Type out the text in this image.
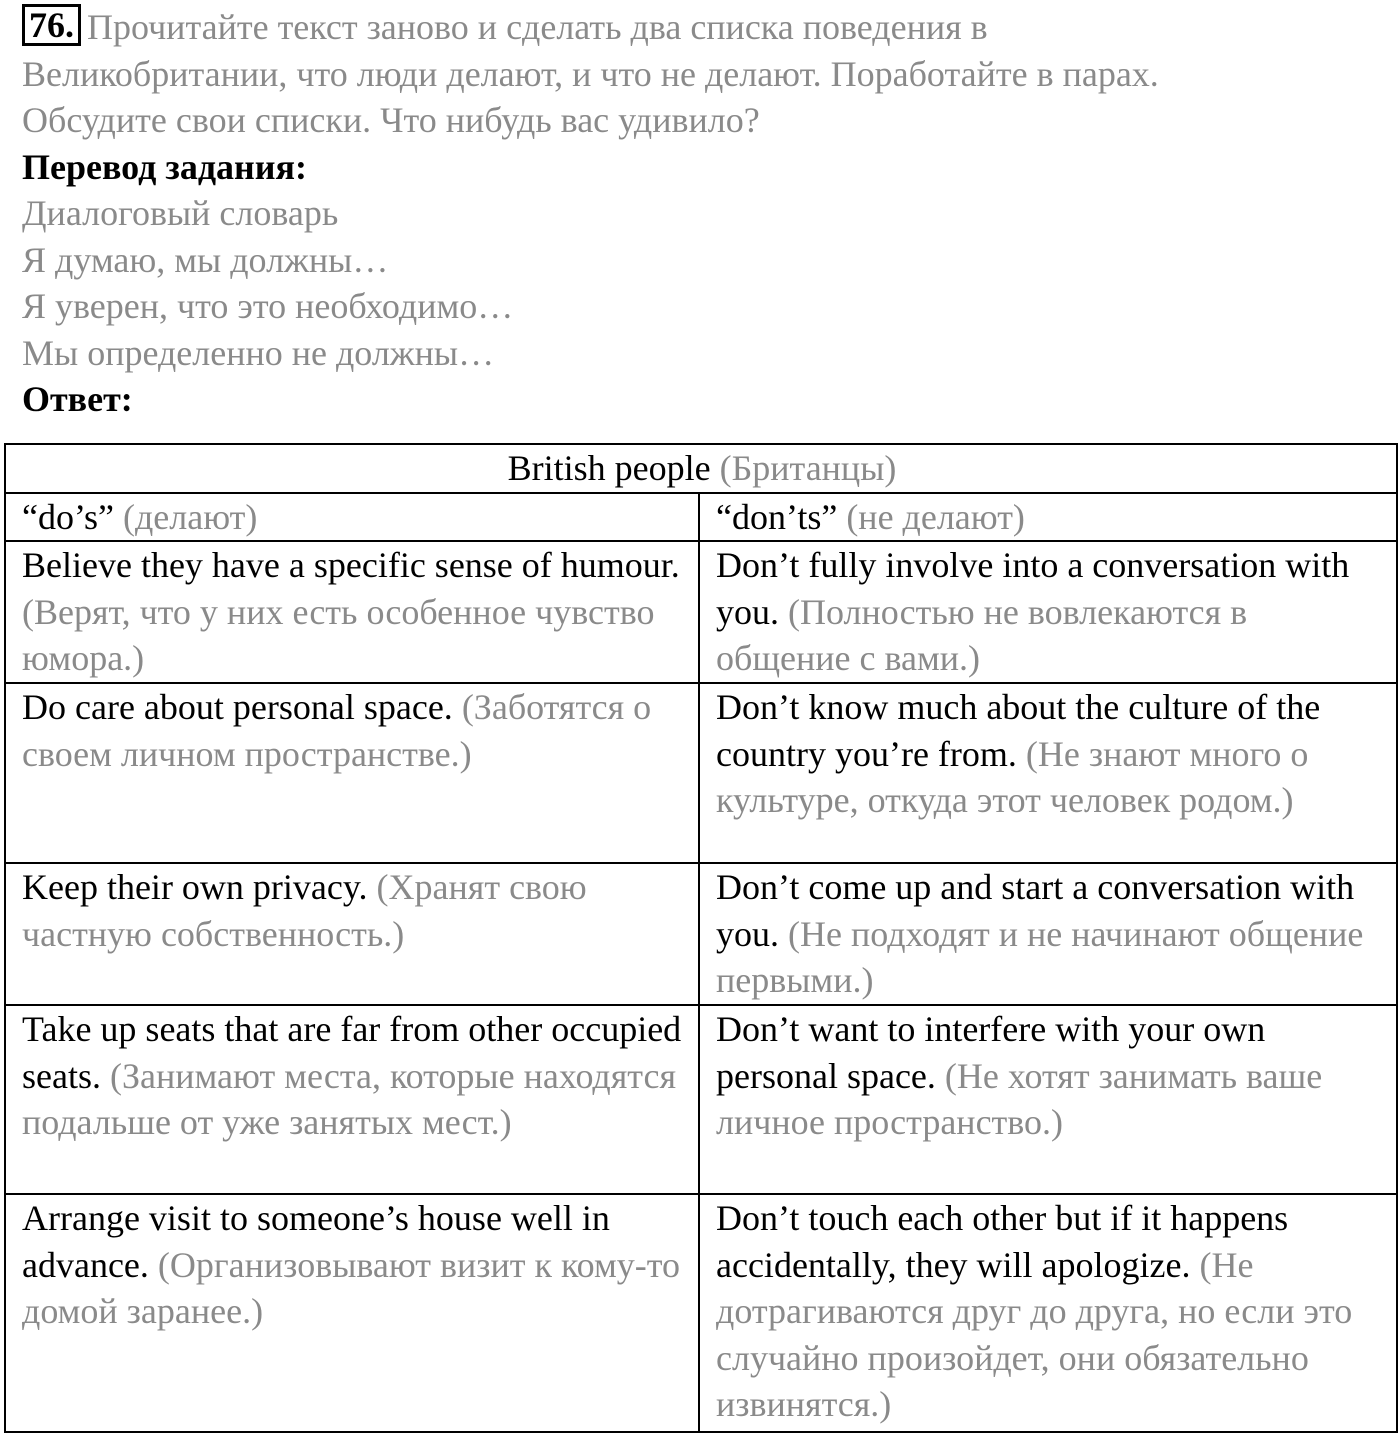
76. Прочитайте текст заново и сделать два списка поведения в
Великобритании, что люди делают, и что не делают. Поработайте в парах.
Обсудите свои списки. Что нибудь вас удивило?
Перевод задания:
Диалоговый словарь
Я думаю, мы должны…
Я уверен, что это необходимо…
Мы определенно не должны…
Ответ:
British people (Британцы)	
“do’s” (делают)	“don’ts” (не делают)
Believe they have a specific sense of humour. (Верят, что у них есть особенное чувство юмора.)	Don’t fully involve into a conversation with you. (Полностью не вовлекаются в общение с вами.)
Do care about personal space. (Заботятся о своем личном пространстве.)	Don’t know much about the culture of the country you’re from. (Не знают много о культуре, откуда этот человек родом.)
Keep their own privacy. (Хранят свою частную собственность.)	Don’t come up and start a conversation with you. (Не подходят и не начинают общение первыми.)
Take up seats that are far from other occupied seats. (Занимают места, которые находятся подальше от уже занятых мест.)	Don’t want to interfere with your own personal space. (Не хотят занимать ваше личное пространство.)
Arrange visit to someone’s house well in advance. (Организовывают визит к кому-то домой заранее.)	Don’t touch each other but if it happens accidentally, they will apologize. (Не дотрагиваются друг до друга, но если это случайно произойдет, они обязательно извинятся.)
